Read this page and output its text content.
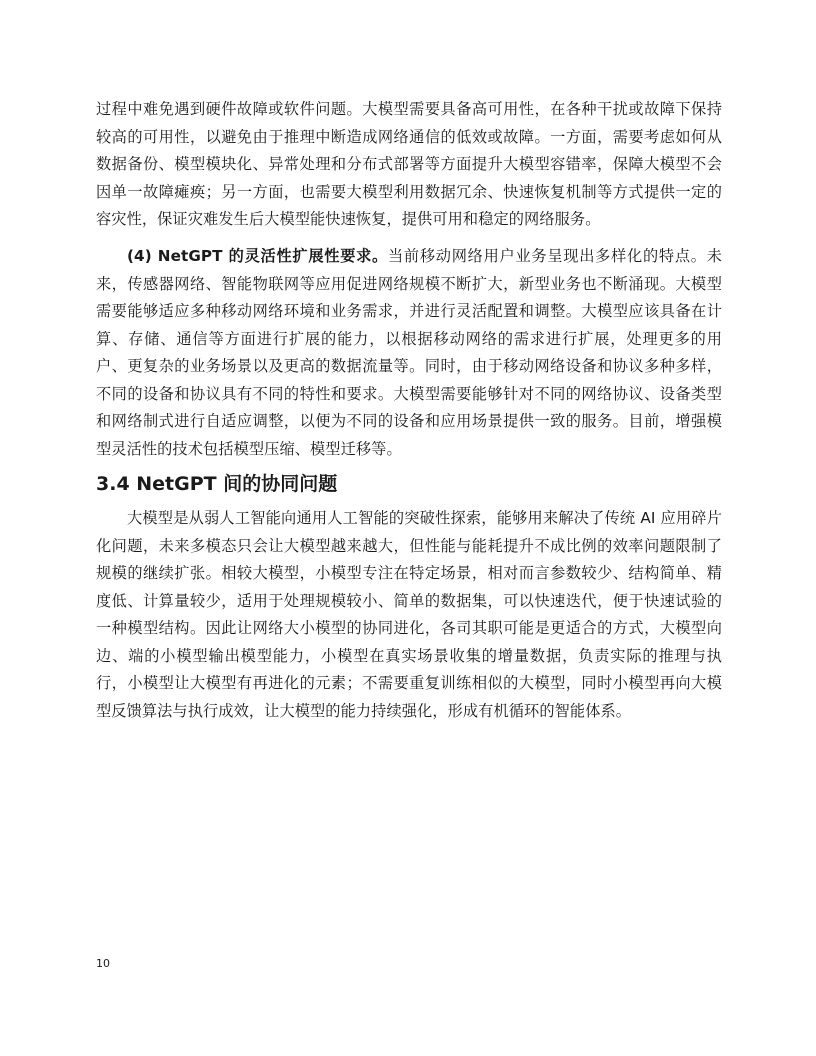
过程中难免遇到硬件故障或软件问题。大模型需要具备高可用性，在各种干扰或故障下保持较高的可用性，以避免由于推理中断造成网络通信的低效或故障。一方面，需要考虑如何从数据备份、模型模块化、异常处理和分布式部署等方面提升大模型容错率，保障大模型不会因单一故障瘫痪；另一方面，也需要大模型利用数据冗余、快速恢复机制等方式提供一定的容灾性，保证灾难发生后大模型能快速恢复，提供可用和稳定的网络服务。

(4) NetGPT 的灵活性扩展性要求。当前移动网络用户业务呈现出多样化的特点。未来，传感器网络、智能物联网等应用促进网络规模不断扩大，新型业务也不断涌现。大模型需要能够适应多种移动网络环境和业务需求，并进行灵活配置和调整。大模型应该具备在计算、存储、通信等方面进行扩展的能力，以根据移动网络的需求进行扩展，处理更多的用户、更复杂的业务场景以及更高的数据流量等。同时，由于移动网络设备和协议多种多样，不同的设备和协议具有不同的特性和要求。大模型需要能够针对不同的网络协议、设备类型和网络制式进行自适应调整，以便为不同的设备和应用场景提供一致的服务。目前，增强模型灵活性的技术包括模型压缩、模型迁移等。

3.4 NetGPT 间的协同问题

大模型是从弱人工智能向通用人工智能的突破性探索，能够用来解决了传统 AI 应用碎片化问题，未来多模态只会让大模型越来越大，但性能与能耗提升不成比例的效率问题限制了规模的继续扩张。相较大模型，小模型专注在特定场景，相对而言参数较少、结构简单、精度低、计算量较少，适用于处理规模较小、简单的数据集，可以快速迭代，便于快速试验的一种模型结构。因此让网络大小模型的协同进化，各司其职可能是更适合的方式，大模型向边、端的小模型输出模型能力，小模型在真实场景收集的增量数据，负责实际的推理与执行，小模型让大模型有再进化的元素；不需要重复训练相似的大模型，同时小模型再向大模型反馈算法与执行成效，让大模型的能力持续强化，形成有机循环的智能体系。

10
